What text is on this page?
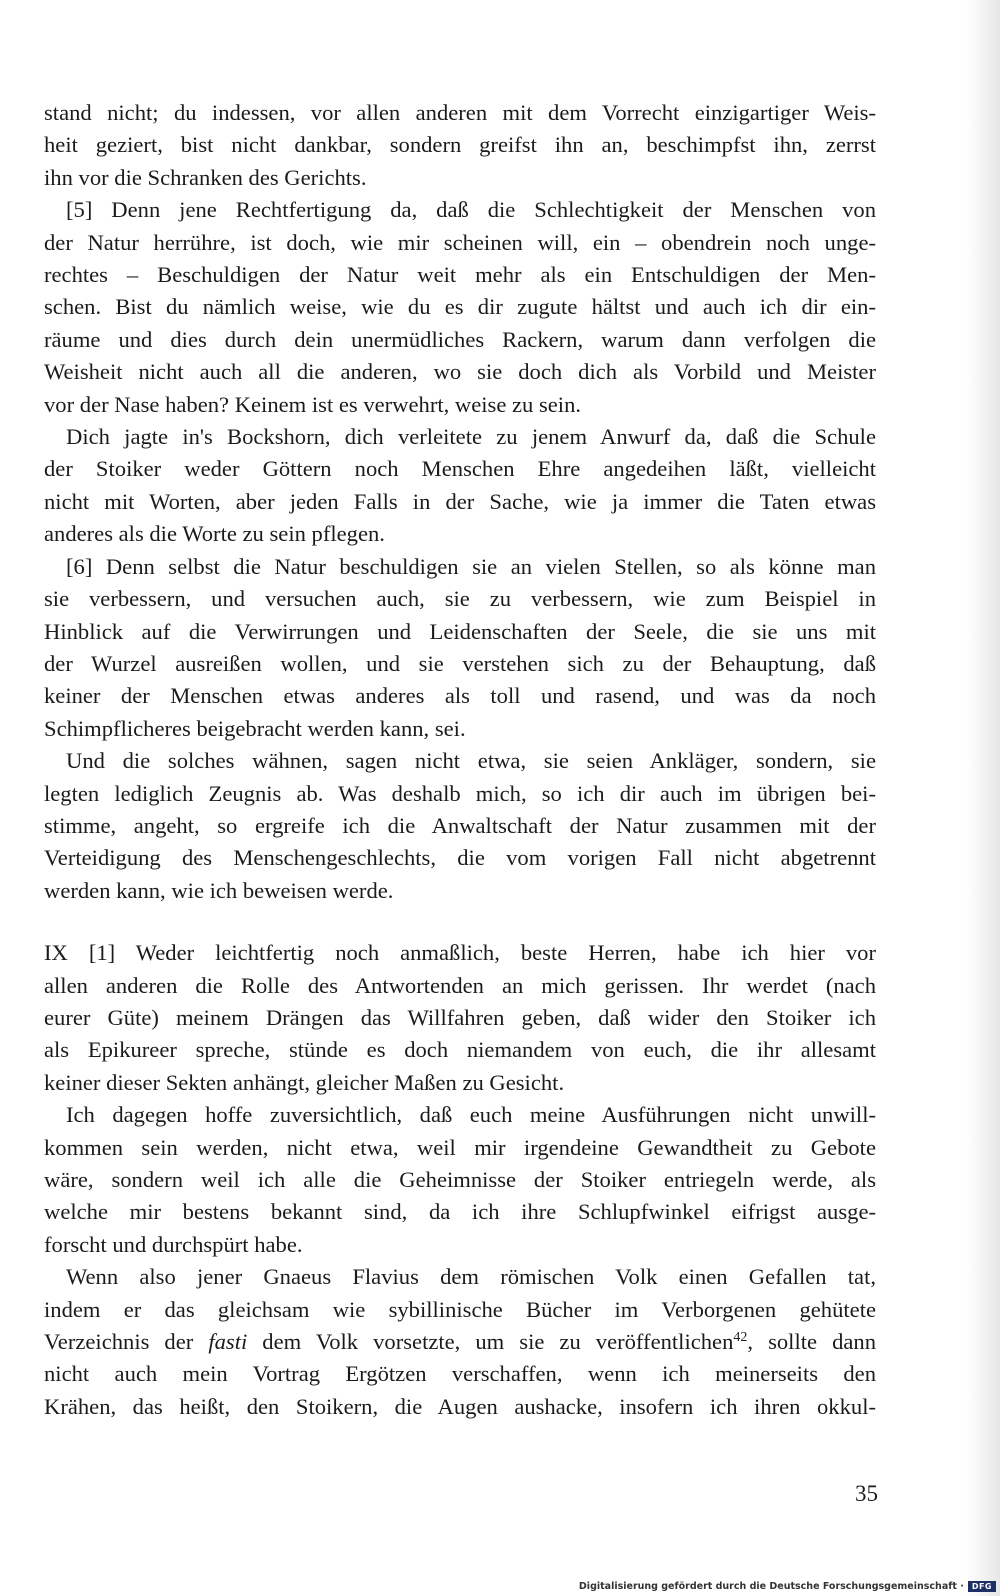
stand nicht; du indessen, vor allen anderen mit dem Vorrecht einzigartiger Weis-
heit geziert, bist nicht dankbar, sondern greifst ihn an, beschimpfst ihn, zerrst
ihn vor die Schranken des Gerichts.

[5] Denn jene Rechtfertigung da, daß die Schlechtigkeit der Menschen von
der Natur herrühre, ist doch, wie mir scheinen will, ein – obendrein noch unge-
rechtes – Beschuldigen der Natur weit mehr als ein Entschuldigen der Men-
schen. Bist du nämlich weise, wie du es dir zugute hältst und auch ich dir ein-
räume und dies durch dein unermüdliches Rackern, warum dann verfolgen die
Weisheit nicht auch all die anderen, wo sie doch dich als Vorbild und Meister
vor der Nase haben? Keinem ist es verwehrt, weise zu sein.

Dich jagte in's Bockshorn, dich verleitete zu jenem Anwurf da, daß die Schule
der Stoiker weder Göttern noch Menschen Ehre angedeihen läßt, vielleicht
nicht mit Worten, aber jeden Falls in der Sache, wie ja immer die Taten etwas
anderes als die Worte zu sein pflegen.

[6] Denn selbst die Natur beschuldigen sie an vielen Stellen, so als könne man
sie verbessern, und versuchen auch, sie zu verbessern, wie zum Beispiel in
Hinblick auf die Verwirrungen und Leidenschaften der Seele, die sie uns mit
der Wurzel ausreißen wollen, und sie verstehen sich zu der Behauptung, daß
keiner der Menschen etwas anderes als toll und rasend, und was da noch
Schimpflicheres beigebracht werden kann, sei.

Und die solches wähnen, sagen nicht etwa, sie seien Ankläger, sondern, sie
legten lediglich Zeugnis ab. Was deshalb mich, so ich dir auch im übrigen bei-
stimme, angeht, so ergreife ich die Anwaltschaft der Natur zusammen mit der
Verteidigung des Menschengeschlechts, die vom vorigen Fall nicht abgetrennt
werden kann, wie ich beweisen werde.

IX [1] Weder leichtfertig noch anmaßlich, beste Herren, habe ich hier vor
allen anderen die Rolle des Antwortenden an mich gerissen. Ihr werdet (nach
eurer Güte) meinem Drängen das Willfahren geben, daß wider den Stoiker ich
als Epikureer spreche, stünde es doch niemandem von euch, die ihr allesamt
keiner dieser Sekten anhängt, gleicher Maßen zu Gesicht.

Ich dagegen hoffe zuversichtlich, daß euch meine Ausführungen nicht unwill-
kommen sein werden, nicht etwa, weil mir irgendeine Gewandtheit zu Gebote
wäre, sondern weil ich alle die Geheimnisse der Stoiker entriegeln werde, als
welche mir bestens bekannt sind, da ich ihre Schlupfwinkel eifrigst ausge-
forscht und durchspürt habe.

Wenn also jener Gnaeus Flavius dem römischen Volk einen Gefallen tat,
indem er das gleichsam wie sybillinische Bücher im Verborgenen gehütete
Verzeichnis der fasti dem Volk vorsetzte, um sie zu veröffentlichen$^{42}$, sollte dann
nicht auch mein Vortrag Ergötzen verschaffen, wenn ich meinerseits den
Krähen, das heißt, den Stoikern, die Augen aushacke, insofern ich ihren okkul-

35
Digitalisierung gefördert durch die Deutsche Forschungsgemeinschaft ·	DFG
